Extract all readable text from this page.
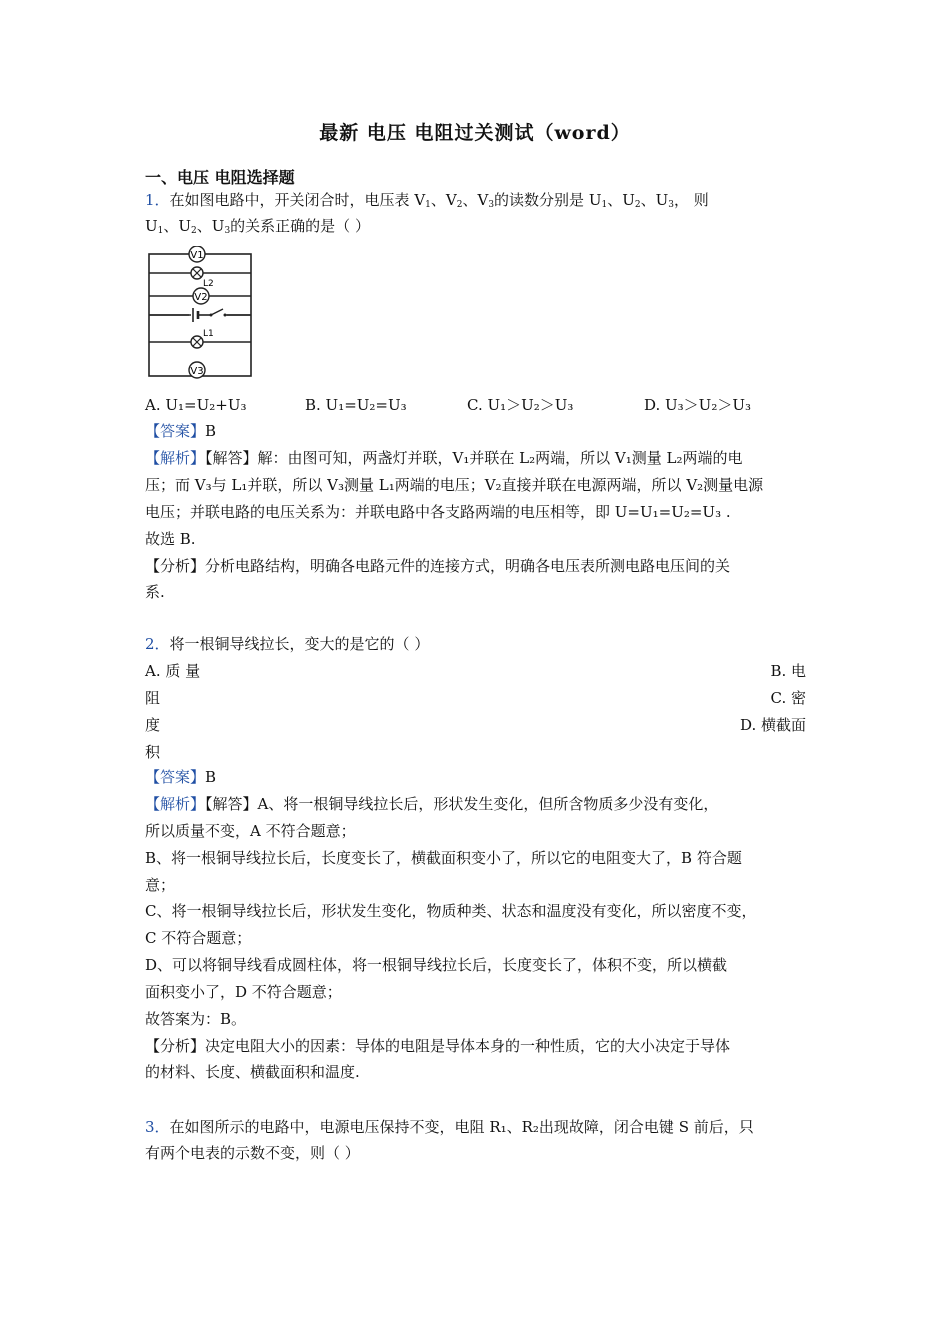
最新 电压 电阻过关测试（word）
一、电压 电阻选择题
1．在如图电路中，开关闭合时，电压表 $V_1$、$V_2$、$V_3$的读数分别是 $U_1$、$U_2$、$U_3$， 则
$U_1$、$U_2$、$U_3$的关系正确的是（ ）
V1
L2
V2
L1
V3
A. U₁=U₂+U₃	B. U₁=U₂=U₃	C. U₁＞U₂＞U₃	D. U₃＞U₂＞U₃
【答案】B
【解析】【解答】解：由图可知，两盏灯并联，V₁并联在 L₂两端，所以 V₁测量 L₂两端的电
压；而 V₃与 L₁并联，所以 V₃测量 L₁两端的电压；V₂直接并联在电源两端，所以 V₂测量电源
电压；并联电路的电压关系为：并联电路中各支路两端的电压相等，即 U=U₁=U₂=U₃ .
故选 B.
【分析】分析电路结构，明确各电路元件的连接方式，明确各电压表所测电路电压间的关
系.
2．将一根铜导线拉长，变大的是它的（ ）
A. 质 量	B. 电
阻	C. 密
度	D. 横截面
积
【答案】B
【解析】【解答】A、将一根铜导线拉长后，形状发生变化，但所含物质多少没有变化，
所以质量不变，A 不符合题意；
B、将一根铜导线拉长后，长度变长了，横截面积变小了，所以它的电阻变大了，B 符合题
意；
C、将一根铜导线拉长后，形状发生变化，物质种类、状态和温度没有变化，所以密度不变，
C 不符合题意；
D、可以将铜导线看成圆柱体，将一根铜导线拉长后，长度变长了，体积不变，所以横截
面积变小了，D 不符合题意；
故答案为：B。
【分析】决定电阻大小的因素：导体的电阻是导体本身的一种性质，它的大小决定于导体
的材料、长度、横截面积和温度.
3．在如图所示的电路中，电源电压保持不变，电阻 R₁、R₂出现故障，闭合电键 S 前后，只
有两个电表的示数不变，则（ ）
